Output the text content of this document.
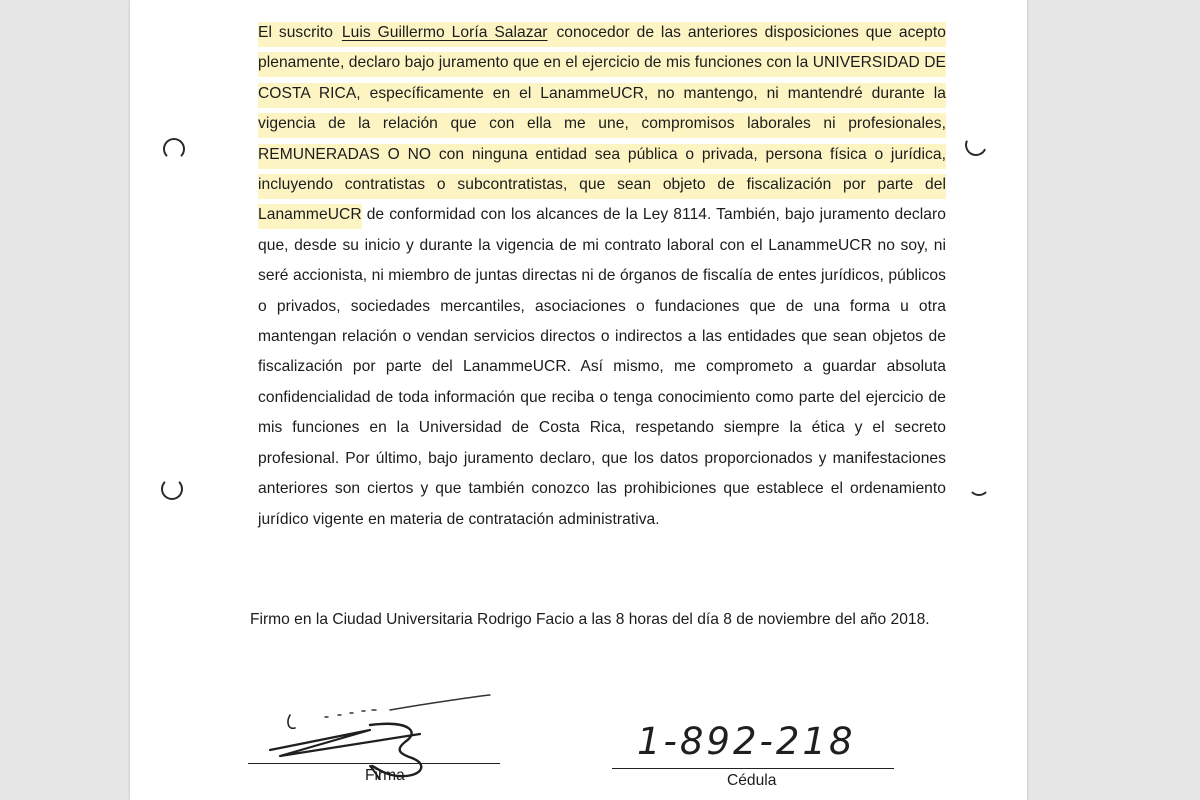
El suscrito Luis Guillermo Loría Salazar conocedor de las anteriores disposiciones que acepto plenamente, declaro bajo juramento que en el ejercicio de mis funciones con la UNIVERSIDAD DE COSTA RICA, específicamente en el LanammeUCR, no mantengo, ni mantendré durante la vigencia de la relación que con ella me une, compromisos laborales ni profesionales, REMUNERADAS O NO con ninguna entidad sea pública o privada, persona física o jurídica, incluyendo contratistas o subcontratistas, que sean objeto de fiscalización por parte del LanammeUCR de conformidad con los alcances de la Ley 8114. También, bajo juramento declaro que, desde su inicio y durante la vigencia de mi contrato laboral con el LanammeUCR no soy, ni seré accionista, ni miembro de juntas directas ni de órganos de fiscalía de entes jurídicos, públicos o privados, sociedades mercantiles, asociaciones o fundaciones que de una forma u otra mantengan relación o vendan servicios directos o indirectos a las entidades que sean objetos de fiscalización por parte del LanammeUCR. Así mismo, me comprometo a guardar absoluta confidencialidad de toda información que reciba o tenga conocimiento como parte del ejercicio de mis funciones en la Universidad de Costa Rica, respetando siempre la ética y el secreto profesional. Por último, bajo juramento declaro, que los datos proporcionados y manifestaciones anteriores son ciertos y que también conozco las prohibiciones que establece el ordenamiento jurídico vigente en materia de contratación administrativa.

Firmo en la Ciudad Universitaria Rodrigo Facio a las 8 horas del día 8 de noviembre del año 2018.

Firma
1-892-218
Cédula
